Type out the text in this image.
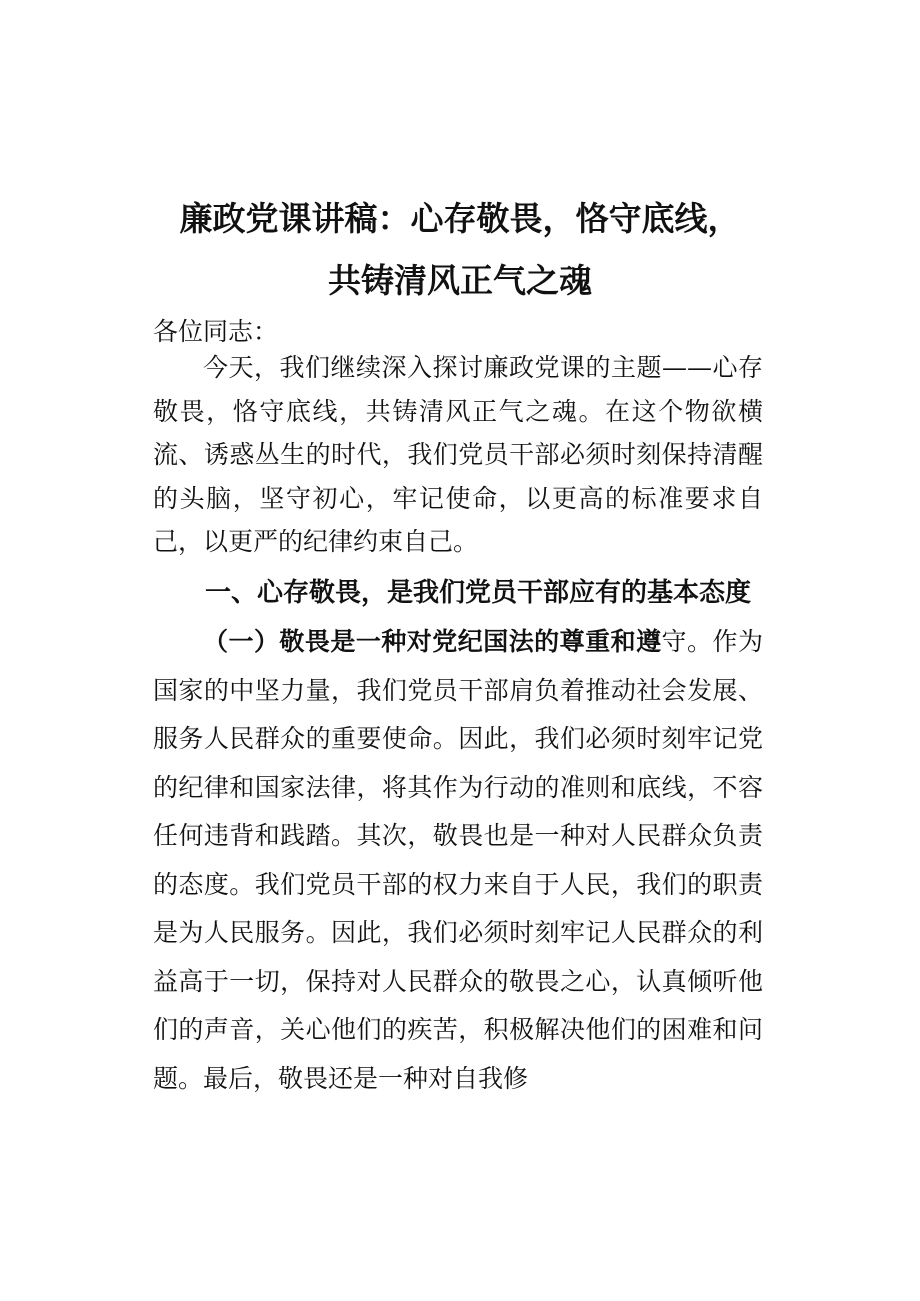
廉政党课讲稿：心存敬畏，恪守底线，
共铸清风正气之魂
各位同志：

今天，我们继续深入探讨廉政党课的主题——心存敬畏，恪守底线，共铸清风正气之魂。在这个物欲横流、诱惑丛生的时代，我们党员干部必须时刻保持清醒的头脑，坚守初心，牢记使命，以更高的标准要求自己，以更严的纪律约束自己。

一、心存敬畏，是我们党员干部应有的基本态度

（一）敬畏是一种对党纪国法的尊重和遵守。作为国家的中坚力量，我们党员干部肩负着推动社会发展、服务人民群众的重要使命。因此，我们必须时刻牢记党的纪律和国家法律，将其作为行动的准则和底线，不容任何违背和践踏。其次，敬畏也是一种对人民群众负责的态度。我们党员干部的权力来自于人民，我们的职责是为人民服务。因此，我们必须时刻牢记人民群众的利益高于一切，保持对人民群众的敬畏之心，认真倾听他们的声音，关心他们的疾苦，积极解决他们的困难和问题。最后，敬畏还是一种对自我修
